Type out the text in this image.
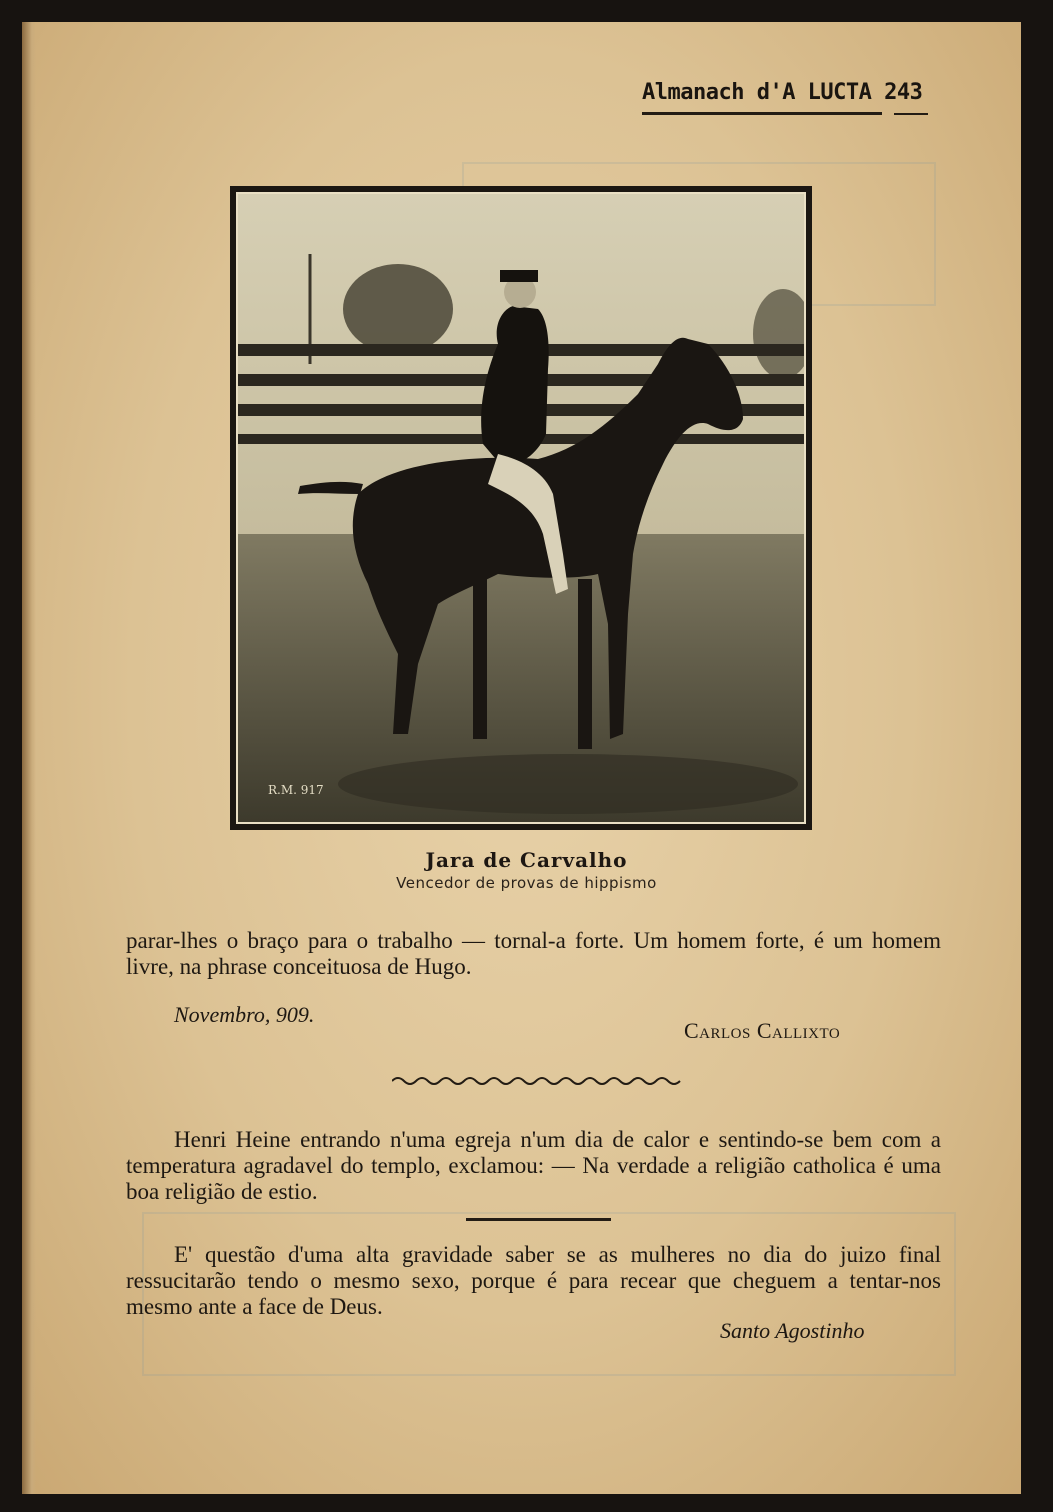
Almanach d'A LUCTA 243
R.M. 917
Jara de Carvalho
Vencedor de provas de hippismo
parar-lhes o braço para o trabalho — tornal-a forte. Um homem forte, é um homem livre, na phrase conceituosa de Hugo.
Novembro, 909.
Carlos Callixto
Henri Heine entrando n'uma egreja n'um dia de calor e sentindo-se bem com a temperatura agradavel do templo, exclamou: — Na verdade a religião catholica é uma boa religião de estio.
E' questão d'uma alta gravidade saber se as mulheres no dia do juizo final ressucitarão tendo o mesmo sexo, porque é para recear que cheguem a tentar-nos mesmo ante a face de Deus.
Santo Agostinho
